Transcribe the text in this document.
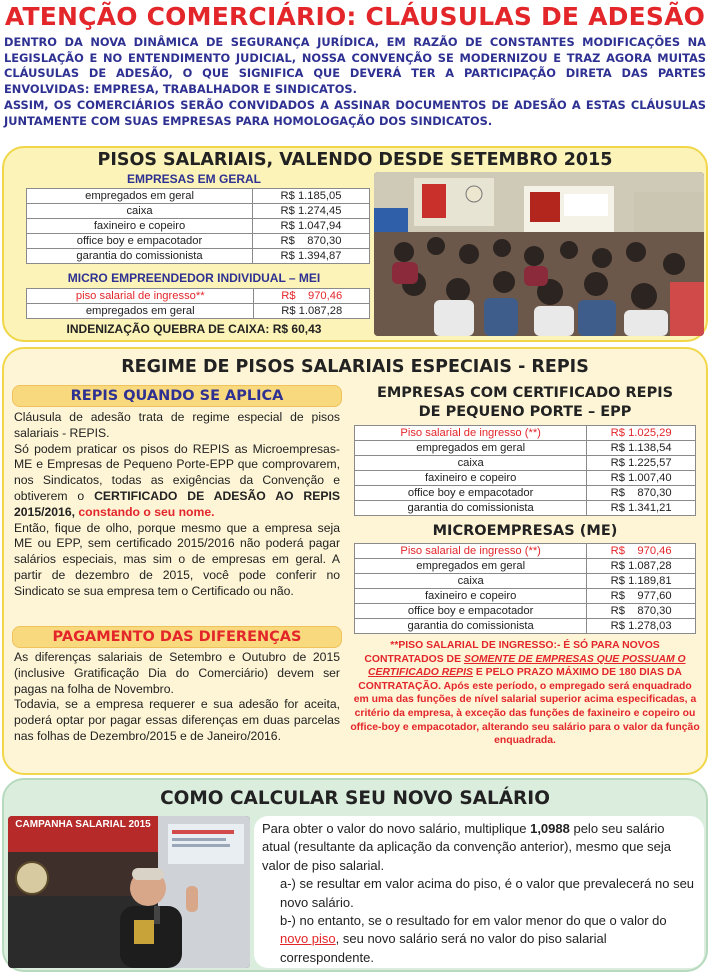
ATENÇÃO COMERCIÁRIO: CLÁUSULAS DE ADESÃO

DENTRO DA NOVA DINÂMICA DE SEGURANÇA JURÍDICA, EM RAZÃO DE CONSTANTES MODIFICAÇÕES NA LEGISLAÇÃO E NO ENTENDIMENTO JUDICIAL, NOSSA CONVENÇÃO SE MODERNIZOU E TRAZ AGORA MUITAS CLÁUSULAS DE ADESÃO, O QUE SIGNIFICA QUE DEVERÁ TER A PARTICIPAÇÃO DIRETA DAS PARTES ENVOLVIDAS: EMPRESA, TRABALHADOR E SINDICATOS.

ASSIM, OS COMERCIÁRIOS SERÃO CONVIDADOS A ASSINAR DOCUMENTOS DE ADESÃO A ESTAS CLÁUSULAS JUNTAMENTE COM SUAS EMPRESAS PARA HOMOLOGAÇÃO DOS SINDICATOS.

PISOS SALARIAIS, VALENDO DESDE SETEMBRO 2015
EMPRESAS EM GERAL
empregados em geral	R$ 1.185,05
caixa	R$ 1.274,45
faxineiro e copeiro	R$ 1.047,94
office boy e empacotador	R$    870,30
garantia do comissionista	R$ 1.394,87
MICRO EMPREENDEDOR INDIVIDUAL – MEI
piso salarial de ingresso**	R$    970,46
empregados em geral	R$ 1.087,28
INDENIZAÇÃO QUEBRA DE CAIXA: R$ 60,43
REGIME DE PISOS SALARIAIS ESPECIAIS - REPIS
REPIS QUANDO SE APLICA

Cláusula de adesão trata de regime especial de pisos salariais - REPIS.

Só podem praticar os pisos do REPIS as Microempresas-ME e Empresas de Pequeno Porte-EPP que comprovarem, nos Sindicatos, todas as exigências da Convenção e obtiverem o CERTIFICADO DE ADESÃO AO REPIS 2015/2016, constando o seu nome.

Então, fique de olho, porque mesmo que a empresa seja ME ou EPP, sem certificado 2015/2016 não poderá pagar salários especiais, mas sim o de empresas em geral. A partir de dezembro de 2015, você pode conferir no Sindicato se sua empresa tem o Certificado ou não.

PAGAMENTO DAS DIFERENÇAS

As diferenças salariais de Setembro e Outubro de 2015 (inclusive Gratificação Dia do Comerciário) devem ser pagas na folha de Novembro.

Todavia, se a empresa requerer e sua adesão for aceita, poderá optar por pagar essas diferenças em duas parcelas nas folhas de Dezembro/2015 e de Janeiro/2016.

EMPRESAS COM CERTIFICADO REPIS
DE PEQUENO PORTE – EPP
Piso salarial de ingresso (**)	R$ 1.025,29
empregados em geral	R$ 1.138,54
caixa	R$ 1.225,57
faxineiro e copeiro	R$ 1.007,40
office boy e empacotador	R$    870,30
garantia do comissionista	R$ 1.341,21
MICROEMPRESAS (ME)
Piso salarial de ingresso (**)	R$    970,46
empregados em geral	R$ 1.087,28
caixa	R$ 1.189,81
faxineiro e copeiro	R$    977,60
office boy e empacotador	R$    870,30
garantia do comissionista	R$ 1.278,03
**PISO SALARIAL DE INGRESSO:- É SÓ PARA NOVOS CONTRATADOS DE SOMENTE DE EMPRESAS QUE POSSUAM O CERTIFICADO REPIS E PELO PRAZO MÁXIMO DE 180 DIAS DA CONTRATAÇÃO. Após este período, o empregado será enquadrado em uma das funções de nível salarial superior acima especificadas, a critério da empresa, à exceção das funções de faxineiro e copeiro ou office-boy e empacotador, alterando seu salário para o valor da função enquadrada.
COMO CALCULAR SEU NOVO SALÁRIO
CAMPANHA SALARIAL 2015	Para obter o valor do novo salário, multiplique 1,0988 pelo seu salário atual (resultante da aplicação da convenção anterior), mesmo que seja valor de piso salarial.

a-) se resultar em valor acima do piso, é o valor que prevalecerá no seu novo salário.

b-) no entanto, se o resultado for em valor menor do que o valor do novo piso, seu novo salário será no valor do piso salarial correspondente.
